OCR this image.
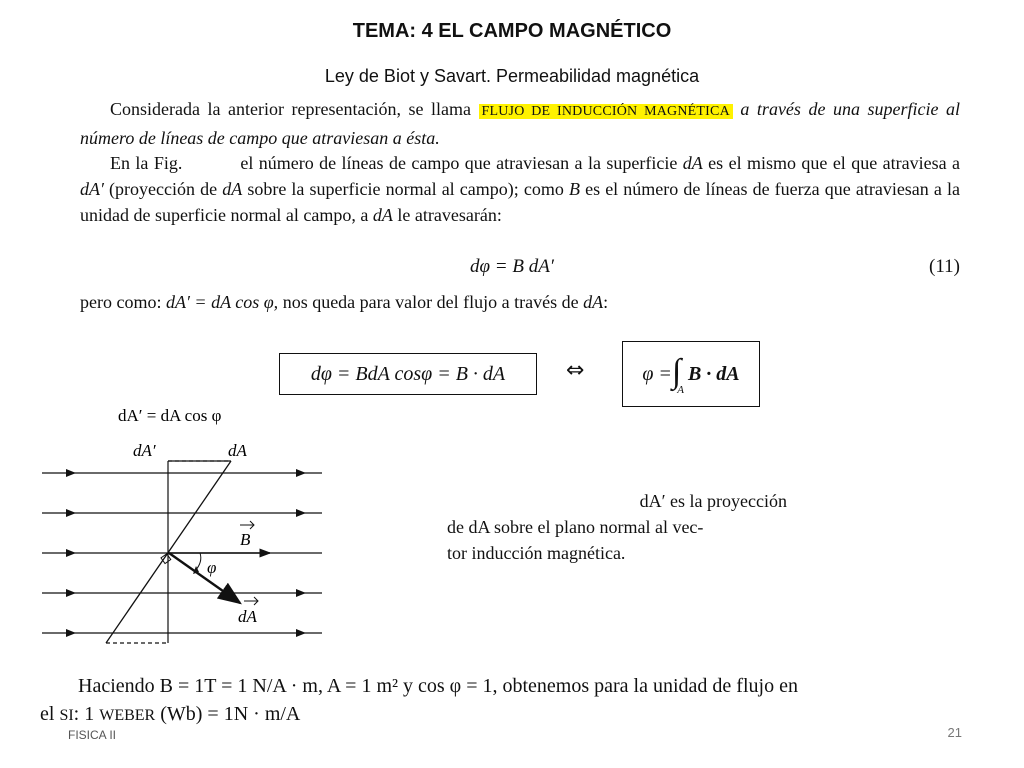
TEMA: 4 EL CAMPO MAGNÉTICO
Ley de Biot y Savart. Permeabilidad magnética
Considerada la anterior representación, se llama FLUJO DE INDUCCIÓN MAGNÉTICA a través de una superficie al número de líneas de campo que atraviesan a ésta.
En la Fig.	el número de líneas de campo que atraviesan a la superficie dA es el mismo que el que atraviesa a dA′ (proyección de dA sobre la superficie normal al campo); como B es el número de líneas de fuerza que atraviesan a la unidad de superficie normal al campo, a dA le atravesarán:
dφ = B dA′	(11)
pero como: dA′ = dA cos φ, nos queda para valor del flujo a través de dA:
dφ = BdA cosφ = B · dA	⇔	φ = ∫
A
B · dA
dA′ = dA cos φ
dA′	dA
B
φ
dA
dA′ es la proyección
de dA sobre el plano normal al vec-
tor inducción magnética.
Haciendo B = 1T = 1 N/A · m, A = 1 m² y cos φ = 1, obtenemos para la unidad de flujo en
el SI: 1 WEBER (Wb) = 1N · m/A
FISICA II	21
